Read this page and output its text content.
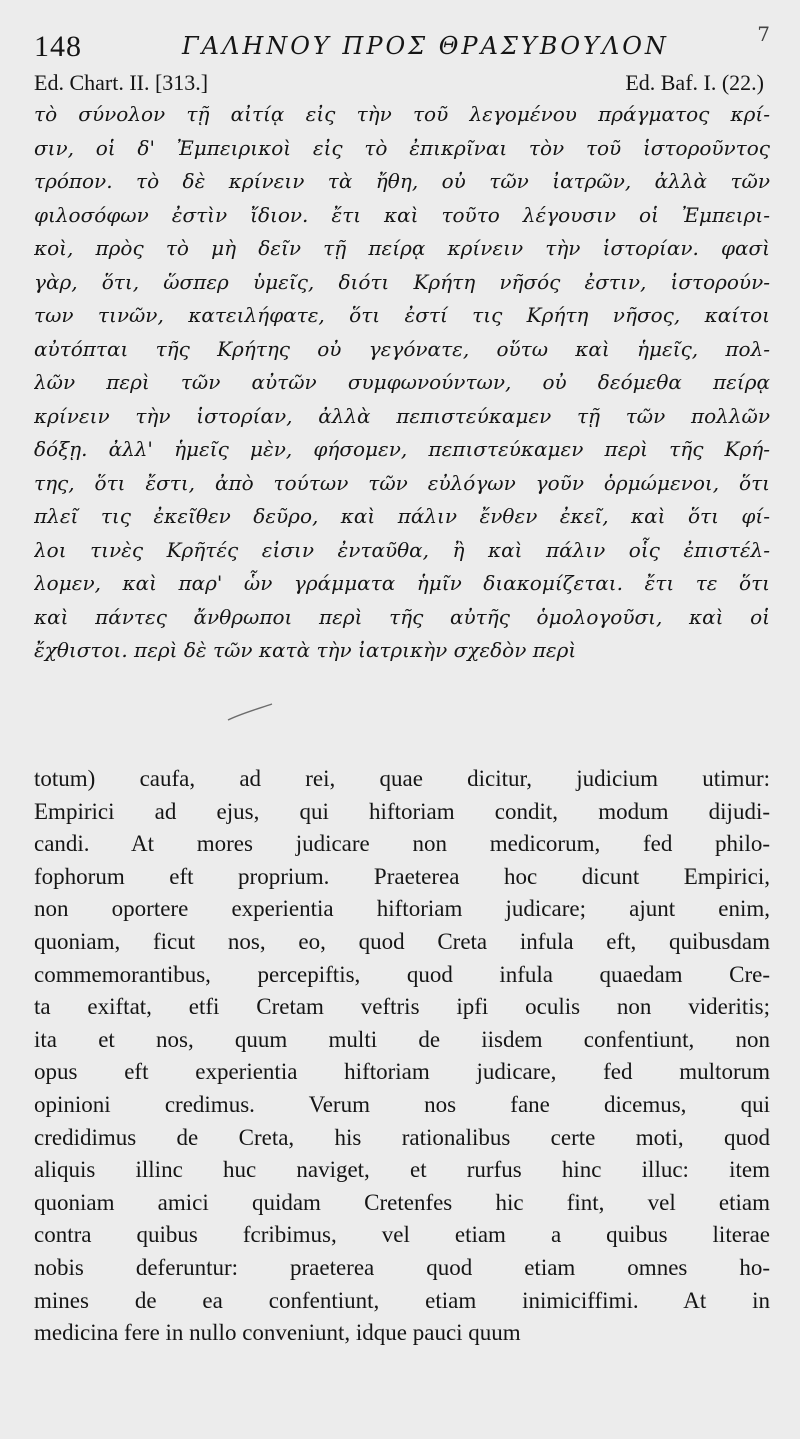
148	ΓΑΛΗΝΟΥ ΠΡΟΣ ΘΡΑΣΥΒΟΥΛΟΝ	7
Ed. Chart. II. [313.]	Ed. Baf. I. (22.)
τὸ σύνολον τῇ αἰτίᾳ εἰς τὴν τοῦ λεγομένου πράγματος κρί-
σιν, οἱ δ' Ἐμπειρικοὶ εἰς τὸ ἐπικρῖναι τὸν τοῦ ἱστοροῦντος
τρόπον. τὸ δὲ κρίνειν τὰ ἤθη, οὐ τῶν ἰατρῶν, ἀλλὰ τῶν
φιλοσόφων ἐστὶν ἴδιον. ἔτι καὶ τοῦτο λέγουσιν οἱ Ἐμπειρι-
κοὶ, πρὸς τὸ μὴ δεῖν τῇ πείρᾳ κρίνειν τὴν ἱστορίαν. φασὶ
γὰρ, ὅτι, ὥσπερ ὑμεῖς, διότι Κρήτη νῆσός ἐστιν, ἱστορούν-
των τινῶν, κατειλήφατε, ὅτι ἐστί τις Κρήτη νῆσος, καίτοι
αὐτόπται τῆς Κρήτης οὐ γεγόνατε, οὕτω καὶ ἡμεῖς, πολ-
λῶν περὶ τῶν αὐτῶν συμφωνούντων, οὐ δεόμεθα πείρᾳ
κρίνειν τὴν ἱστορίαν, ἀλλὰ πεπιστεύκαμεν τῇ τῶν πολλῶν
δόξῃ. ἀλλ' ἡμεῖς μὲν, φήσομεν, πεπιστεύκαμεν περὶ τῆς Κρή-
της, ὅτι ἔστι, ἀπὸ τούτων τῶν εὐλόγων γοῦν ὁρμώμενοι, ὅτι
πλεῖ τις ἐκεῖθεν δεῦρο, καὶ πάλιν ἔνθεν ἐκεῖ, καὶ ὅτι φί-
λοι τινὲς Κρῆτές εἰσιν ἐνταῦθα, ἢ καὶ πάλιν οἷς ἐπιστέλ-
λομεν, καὶ παρ' ὧν γράμματα ἡμῖν διακομίζεται. ἔτι τε ὅτι
καὶ πάντες ἄνθρωποι περὶ τῆς αὐτῆς ὁμολογοῦσι, καὶ οἱ
ἔχθιστοι. περὶ δὲ τῶν κατὰ τὴν ἰατρικὴν σχεδὸν περὶ
totum) caufa, ad rei, quae dicitur, judicium utimur:
Empirici ad ejus, qui hiftoriam condit, modum dijudi-
candi. At mores judicare non medicorum, fed philo-
fophorum eft proprium. Praeterea hoc dicunt Empirici,
non oportere experientia hiftoriam judicare; ajunt enim,
quoniam, ficut nos, eo, quod Creta infula eft, quibusdam
commemorantibus, percepiftis, quod infula quaedam Cre-
ta exiftat, etfi Cretam veftris ipfi oculis non videritis;
ita et nos, quum multi de iisdem confentiunt, non
opus eft experientia hiftoriam judicare, fed multorum
opinioni credimus. Verum nos fane dicemus, qui
credidimus de Creta, his rationalibus certe moti, quod
aliquis illinc huc naviget, et rurfus hinc illuc: item
quoniam amici quidam Cretenfes hic fint, vel etiam
contra quibus fcribimus, vel etiam a quibus literae
nobis deferuntur: praeterea quod etiam omnes ho-
mines de ea confentiunt, etiam inimiciffimi. At in
medicina fere in nullo conveniunt, idque pauci quum
